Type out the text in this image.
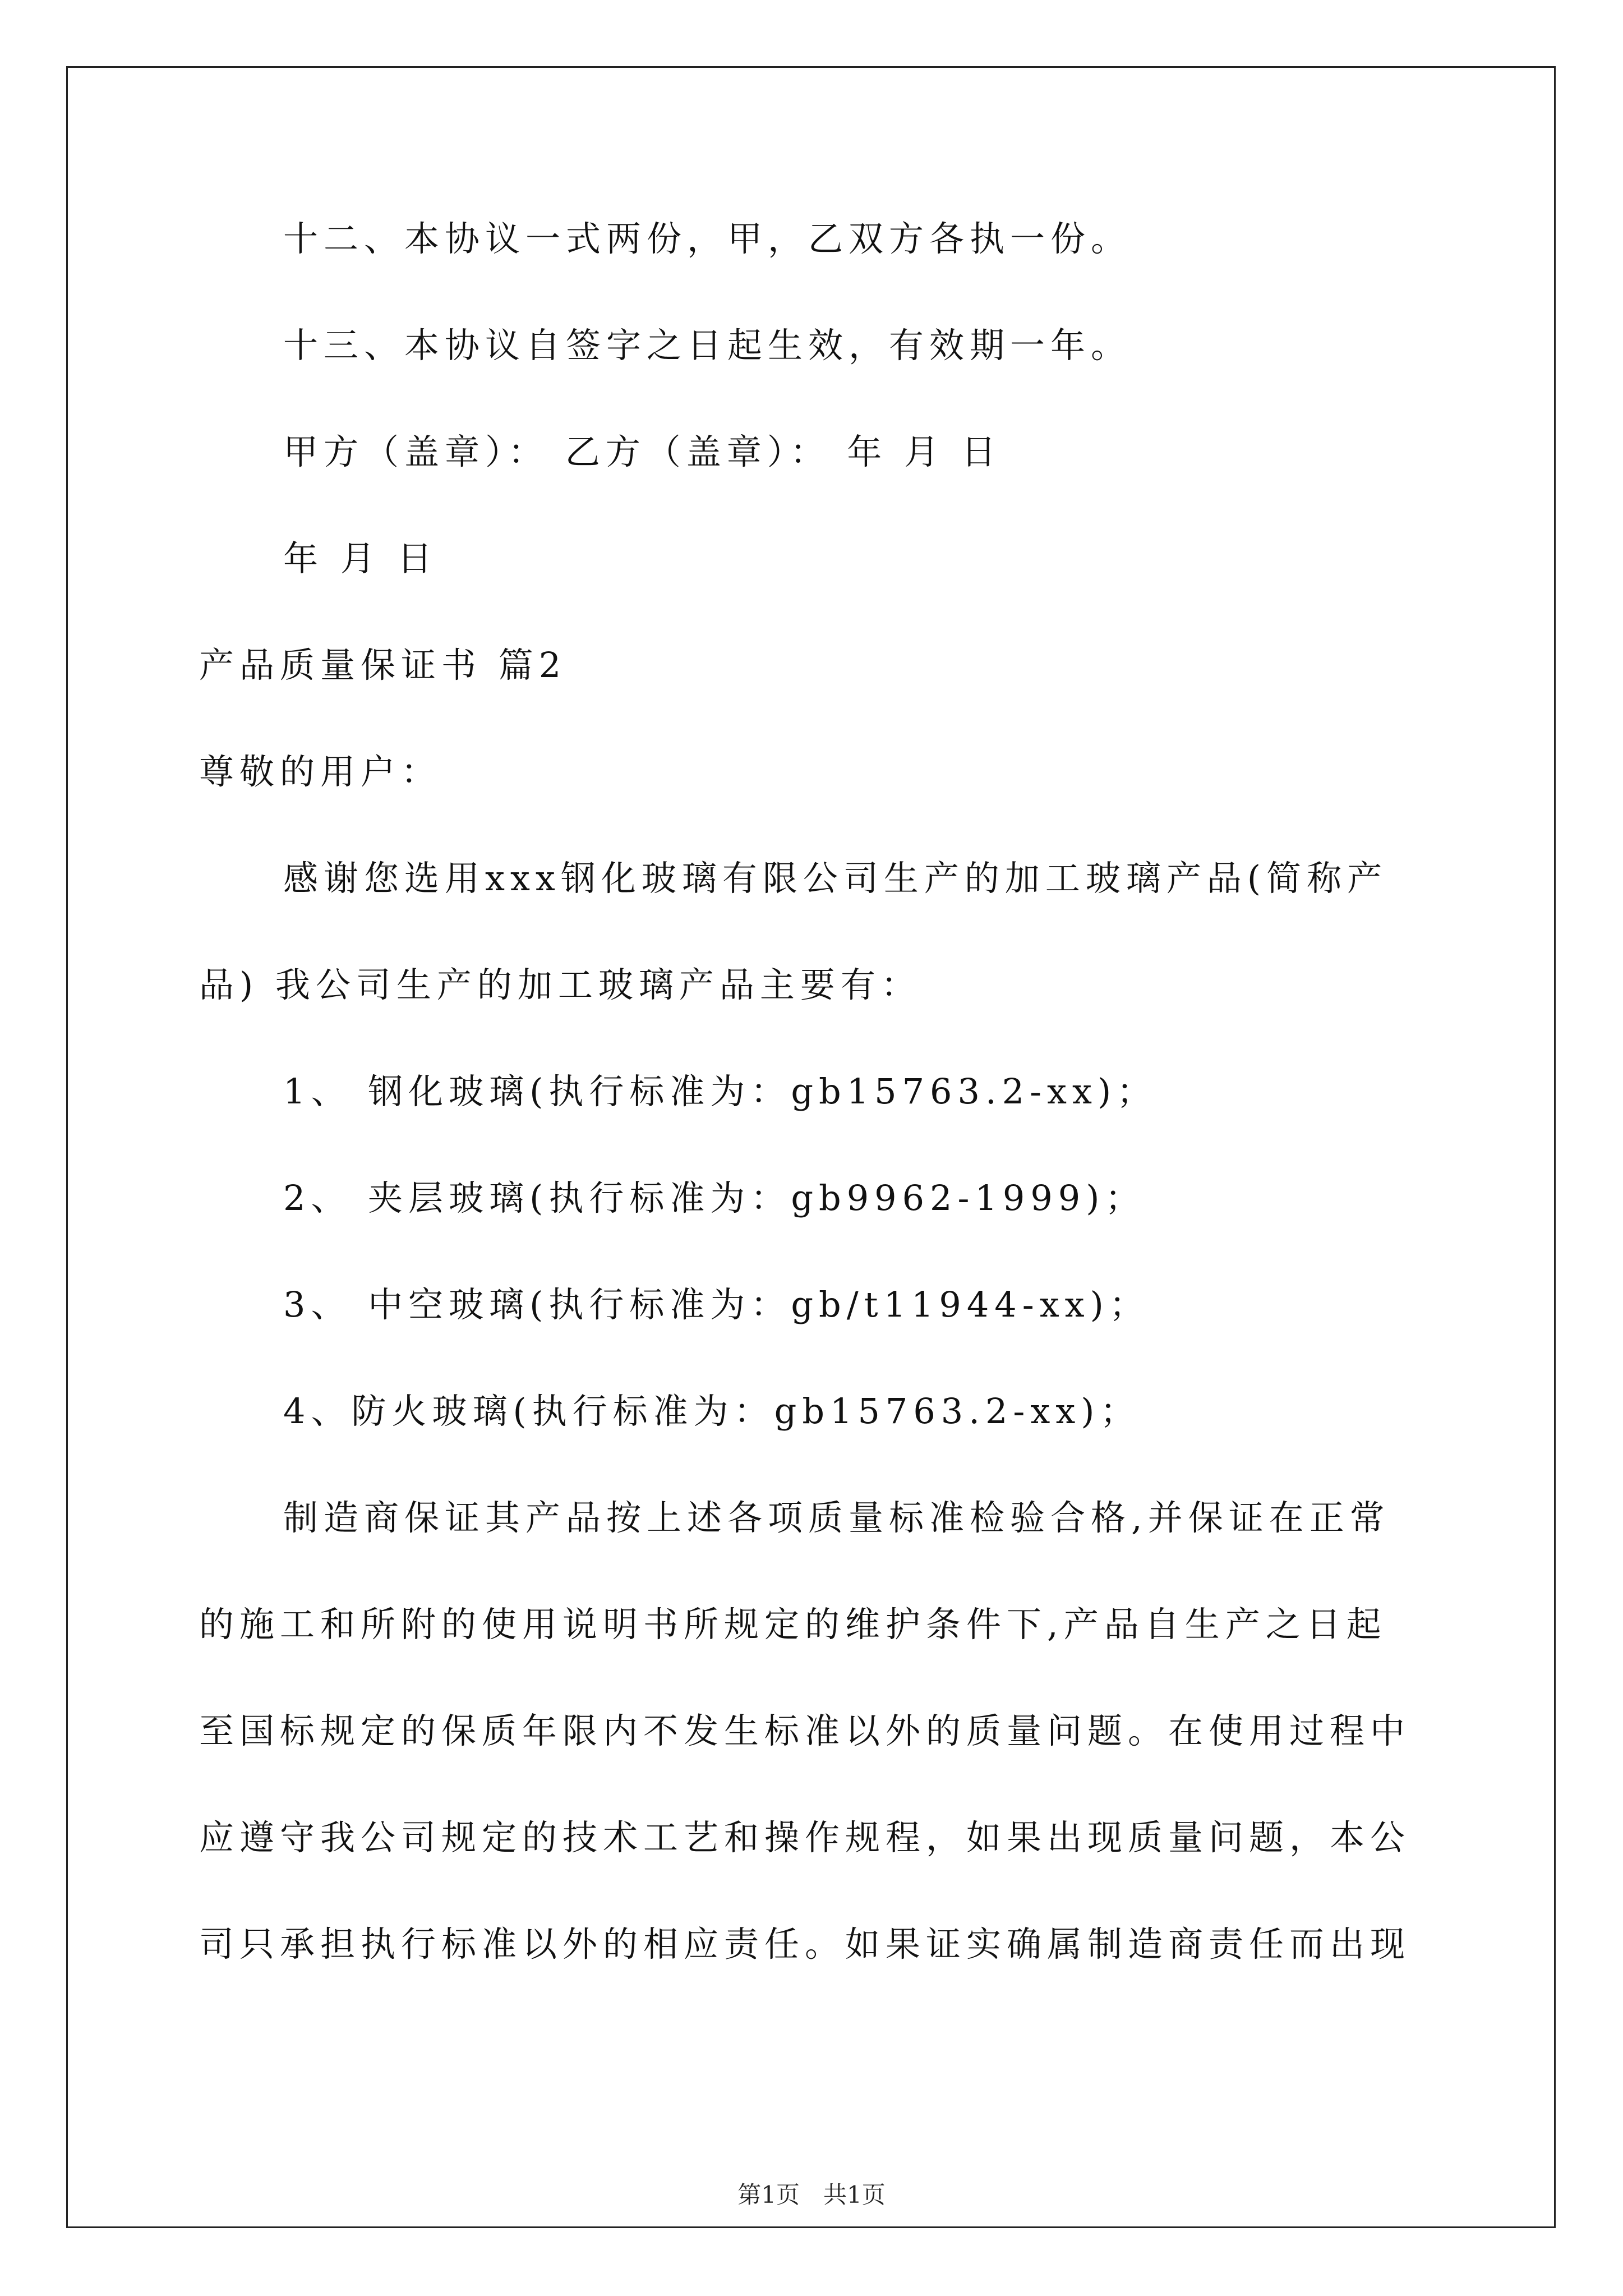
十二、本协议一式两份，甲，乙双方各执一份。

十三、本协议自签字之日起生效，有效期一年。

甲方（盖章）： 乙方（盖章）： 年 月 日

年 月 日

产品质量保证书 篇2

尊敬的用户：

感谢您选用xxx钢化玻璃有限公司生产的加工玻璃产品(简称产

品) 我公司生产的加工玻璃产品主要有：

1、 钢化玻璃(执行标准为：gb15763.2-xx)；

2、 夹层玻璃(执行标准为：gb9962-1999)；

3、 中空玻璃(执行标准为：gb/t11944-xx)；

4、防火玻璃(执行标准为：gb15763.2-xx)；

制造商保证其产品按上述各项质量标准检验合格,并保证在正常

的施工和所附的使用说明书所规定的维护条件下,产品自生产之日起

至国标规定的保质年限内不发生标准以外的质量问题。在使用过程中

应遵守我公司规定的技术工艺和操作规程，如果出现质量问题，本公

司只承担执行标准以外的相应责任。如果证实确属制造商责任而出现

第1页　共1页
